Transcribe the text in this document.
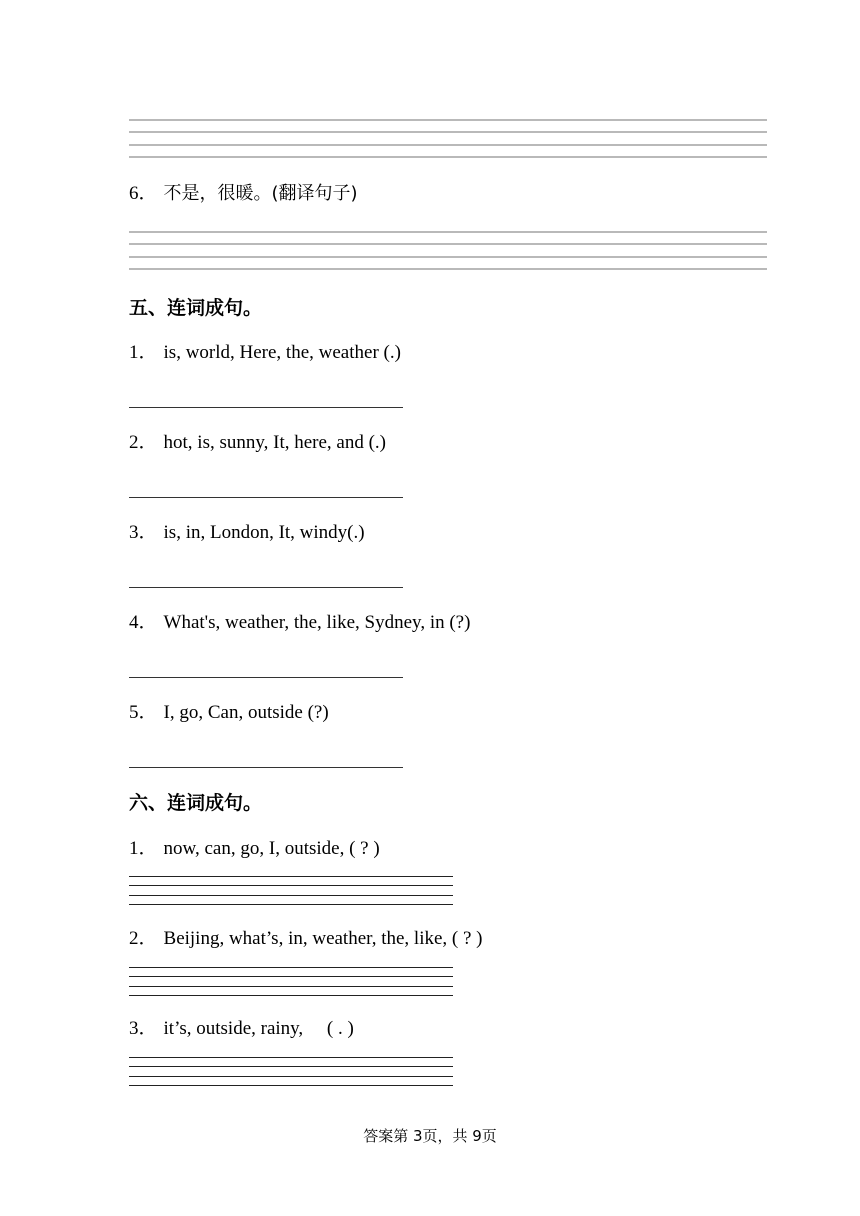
6． 不是，很暖。(翻译句子)
五、连词成句。
1． is, world, Here, the, weather (.)
2． hot, is, sunny, It, here, and (.)
3． is, in, London, It, windy(.)
4． What's, weather, the, like, Sydney, in (?)
5． I, go, Can, outside (?)
六、连词成句。
1． now, can, go, I, outside, ( ? )
2． Beijing, what’s, in, weather, the, like, ( ? )
3． it’s, outside, rainy,     ( . )
答案第 3页，共 9页
